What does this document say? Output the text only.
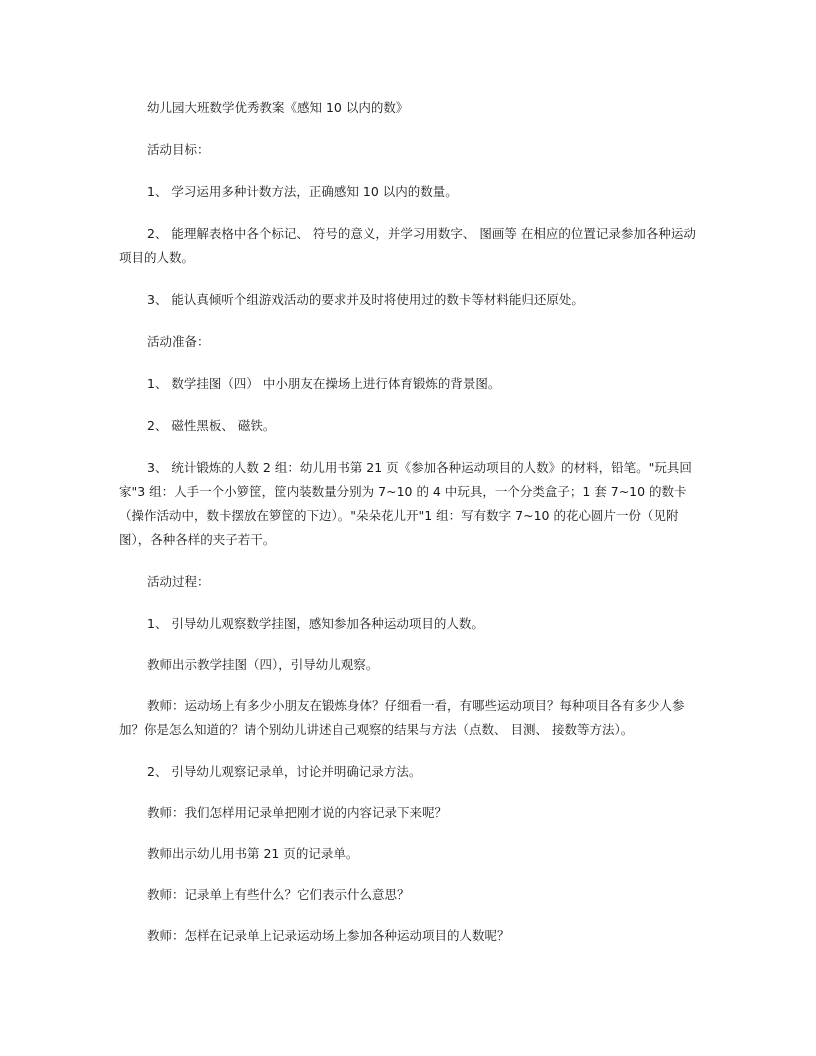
幼儿园大班数学优秀教案《感知 10 以内的数》

活动目标：

1、 学习运用多种计数方法，正确感知 10 以内的数量。

2、 能理解表格中各个标记、 符号的意义，并学习用数字、 图画等 在相应的位置记录参加各种运动项目的人数。

3、 能认真倾听个组游戏活动的要求并及时将使用过的数卡等材料能归还原处。

活动准备：

1、 数学挂图（四） 中小朋友在操场上进行体育锻炼的背景图。

2、 磁性黑板、 磁铁。

3、 统计锻炼的人数 2 组：幼儿用书第 21 页《参加各种运动项目的人数》的材料，铅笔。"玩具回家"3 组：人手一个小箩筐，筐内装数量分别为 7~10 的 4 中玩具，一个分类盒子；1 套 7~10 的数卡（操作活动中，数卡摆放在箩筐的下边）。"朵朵花儿开"1 组：写有数字 7~10 的花心圆片一份（见附图），各种各样的夹子若干。

活动过程：

1、 引导幼儿观察数学挂图，感知参加各种运动项目的人数。

教师出示教学挂图（四），引导幼儿观察。

教师：运动场上有多少小朋友在锻炼身体？仔细看一看，有哪些运动项目？每种项目各有多少人参加？你是怎么知道的？请个别幼儿讲述自己观察的结果与方法（点数、 目测、 接数等方法）。

2、 引导幼儿观察记录单，讨论并明确记录方法。

教师：我们怎样用记录单把刚才说的内容记录下来呢？

教师出示幼儿用书第 21 页的记录单。

教师：记录单上有些什么？它们表示什么意思？

教师：怎样在记录单上记录运动场上参加各种运动项目的人数呢？
